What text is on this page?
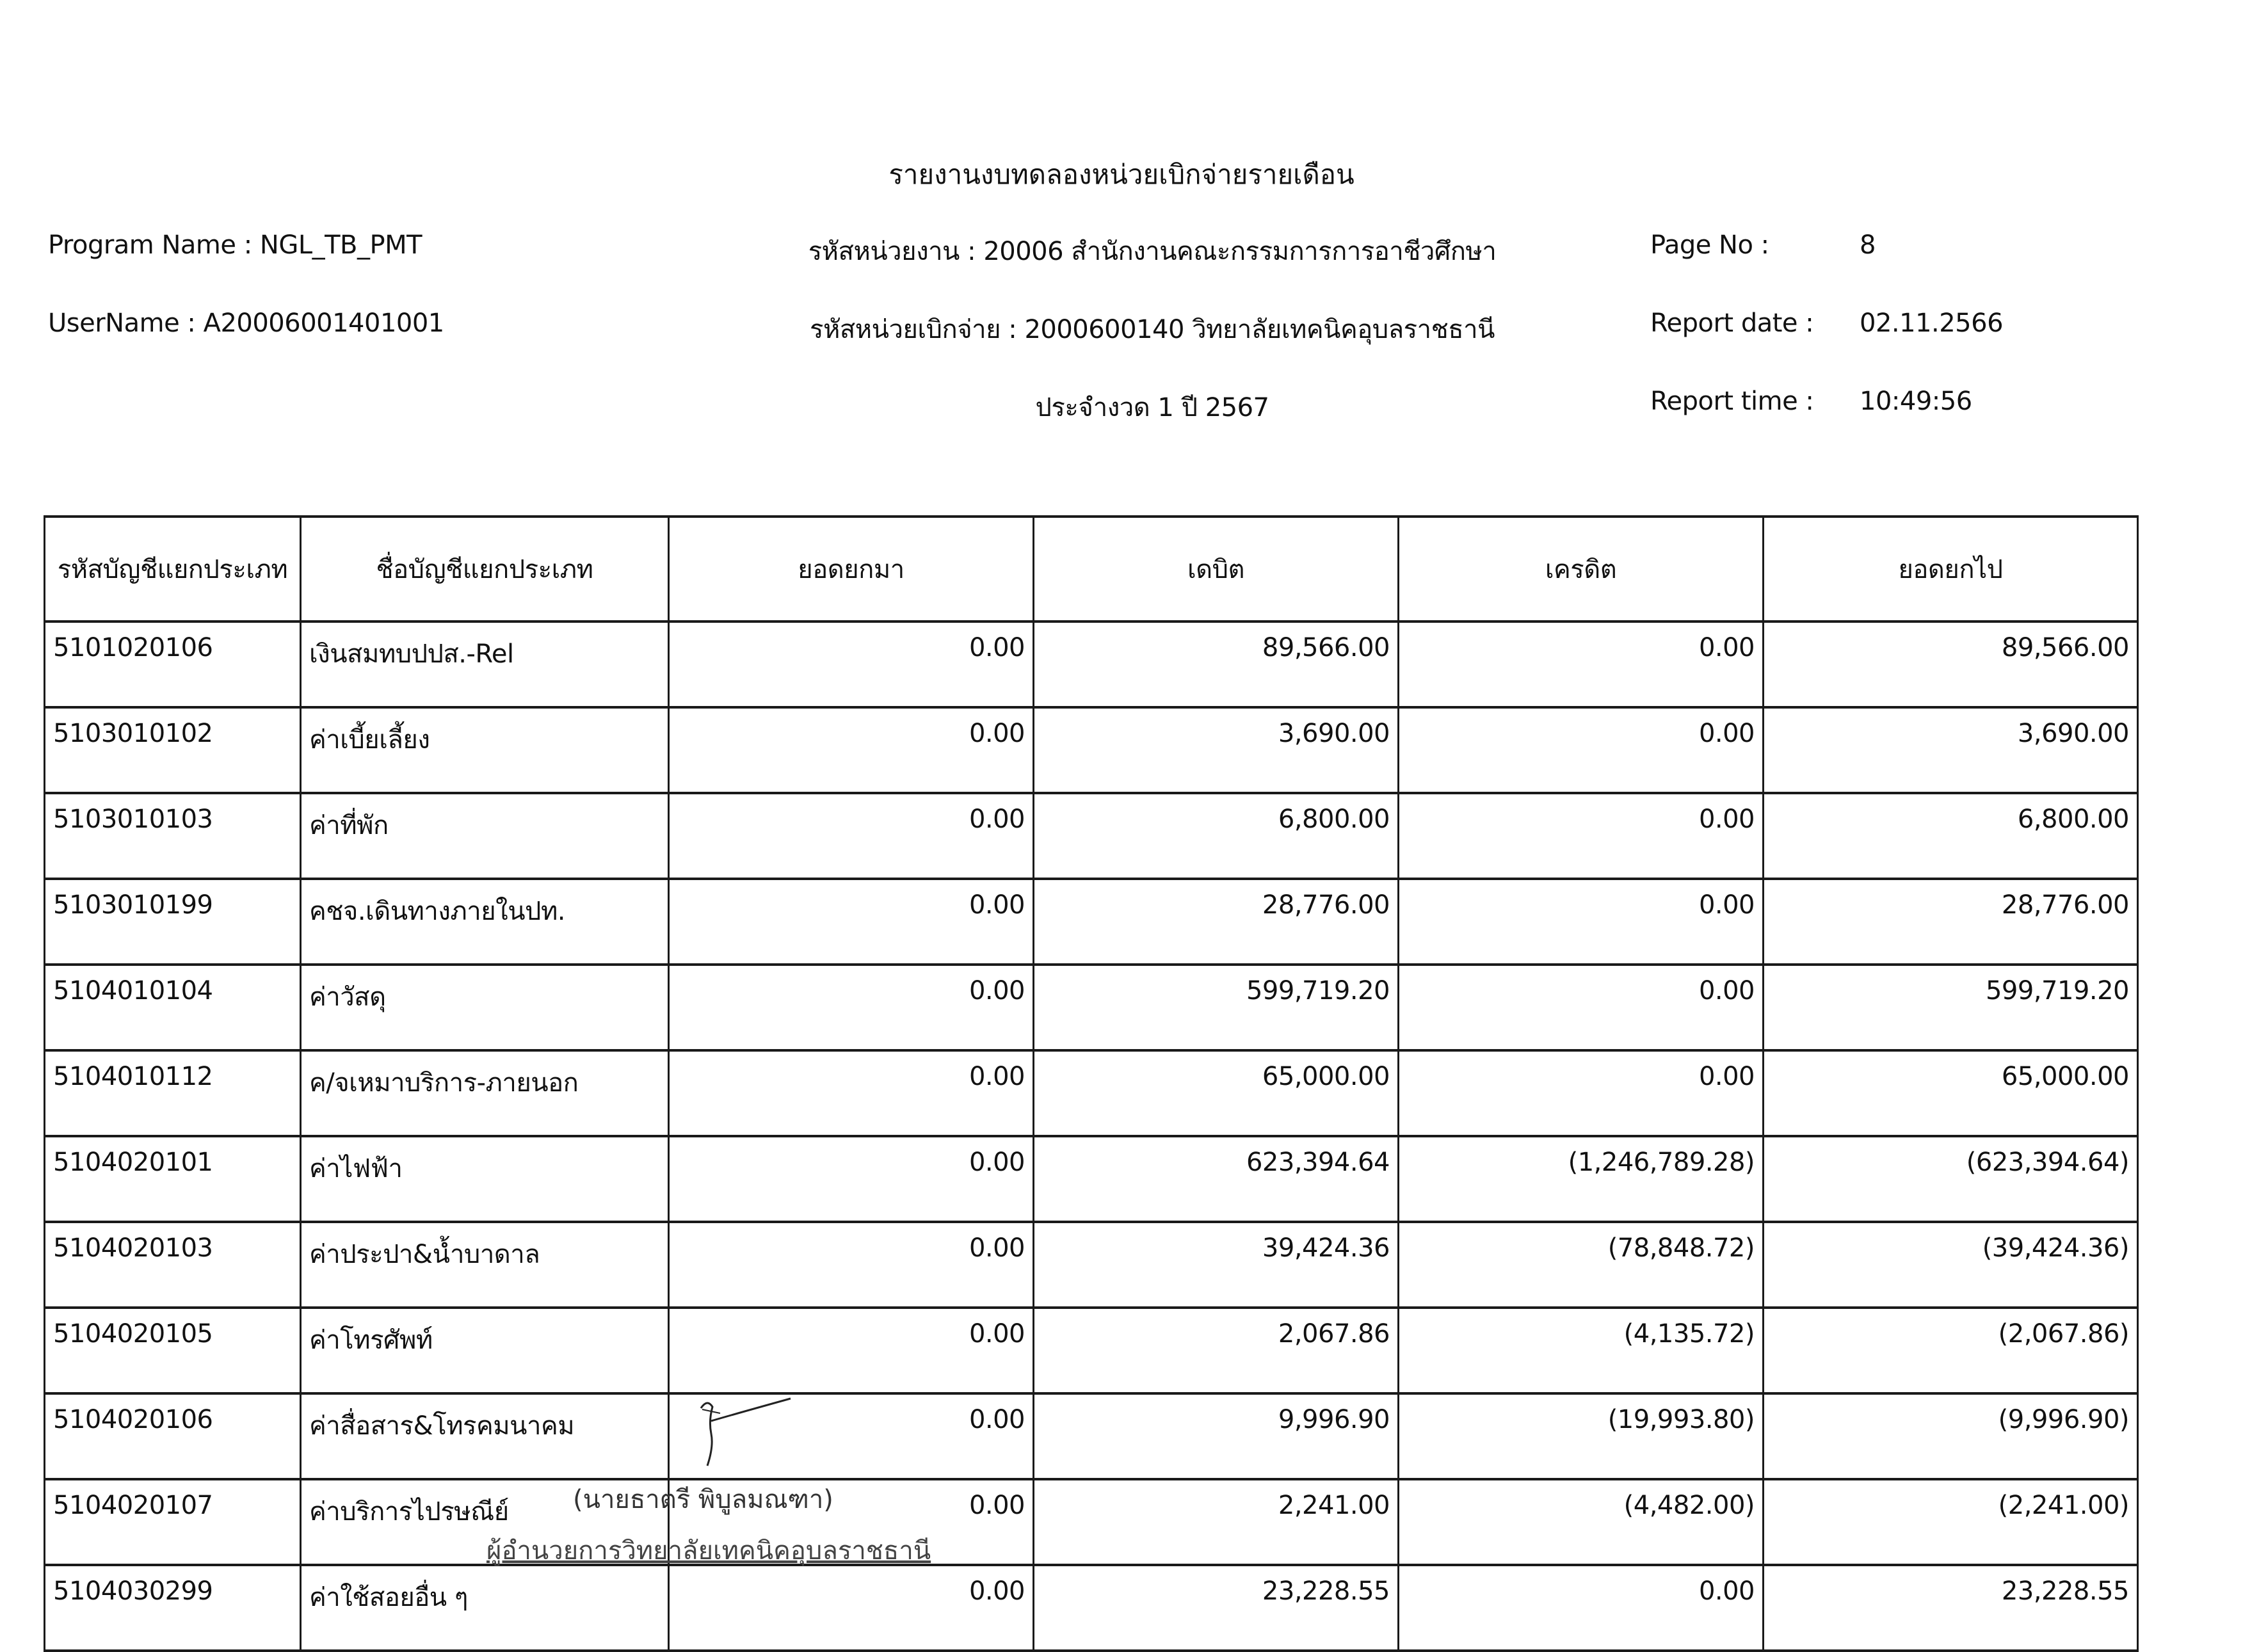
รายงานงบทดลองหน่วยเบิกจ่ายรายเดือน
Program Name : NGL_TB_PMT
UserName : A20006001401001
รหัสหน่วยงาน : 20006 สำนักงานคณะกรรมการการอาชีวศึกษา
รหัสหน่วยเบิกจ่าย : 2000600140 วิทยาลัยเทคนิคอุบลราชธานี
ประจำงวด 1 ปี 2567
Page No :	8
Report date : 02.11.2566
Report time : 10:49:56
รหัสบัญชีแยกประเภท	ชื่อบัญชีแยกประเภท	ยอดยกมา	เดบิต	เครดิต	ยอดยกไป
5101020106	เงินสมทบปปส.-Rel	0.00	89,566.00	0.00	89,566.00
5103010102	ค่าเบี้ยเลี้ยง	0.00	3,690.00	0.00	3,690.00
5103010103	ค่าที่พัก	0.00	6,800.00	0.00	6,800.00
5103010199	คชจ.เดินทางภายในปท.	0.00	28,776.00	0.00	28,776.00
5104010104	ค่าวัสดุ	0.00	599,719.20	0.00	599,719.20
5104010112	ค/จเหมาบริการ-ภายนอก	0.00	65,000.00	0.00	65,000.00
5104020101	ค่าไฟฟ้า	0.00	623,394.64	(1,246,789.28)	(623,394.64)
5104020103	ค่าประปา&น้ำบาดาล	0.00	39,424.36	(78,848.72)	(39,424.36)
5104020105	ค่าโทรศัพท์	0.00	2,067.86	(4,135.72)	(2,067.86)
5104020106	ค่าสื่อสาร&โทรคมนาคม	0.00	9,996.90	(19,993.80)	(9,996.90)
5104020107	ค่าบริการไปรษณีย์	0.00	2,241.00	(4,482.00)	(2,241.00)
5104030299	ค่าใช้สอยอื่น ๆ	0.00	23,228.55	0.00	23,228.55
(นายธาตรี พิบูลมณฑา)
ผู้อำนวยการวิทยาลัยเทคนิคอุบลราชธานี
